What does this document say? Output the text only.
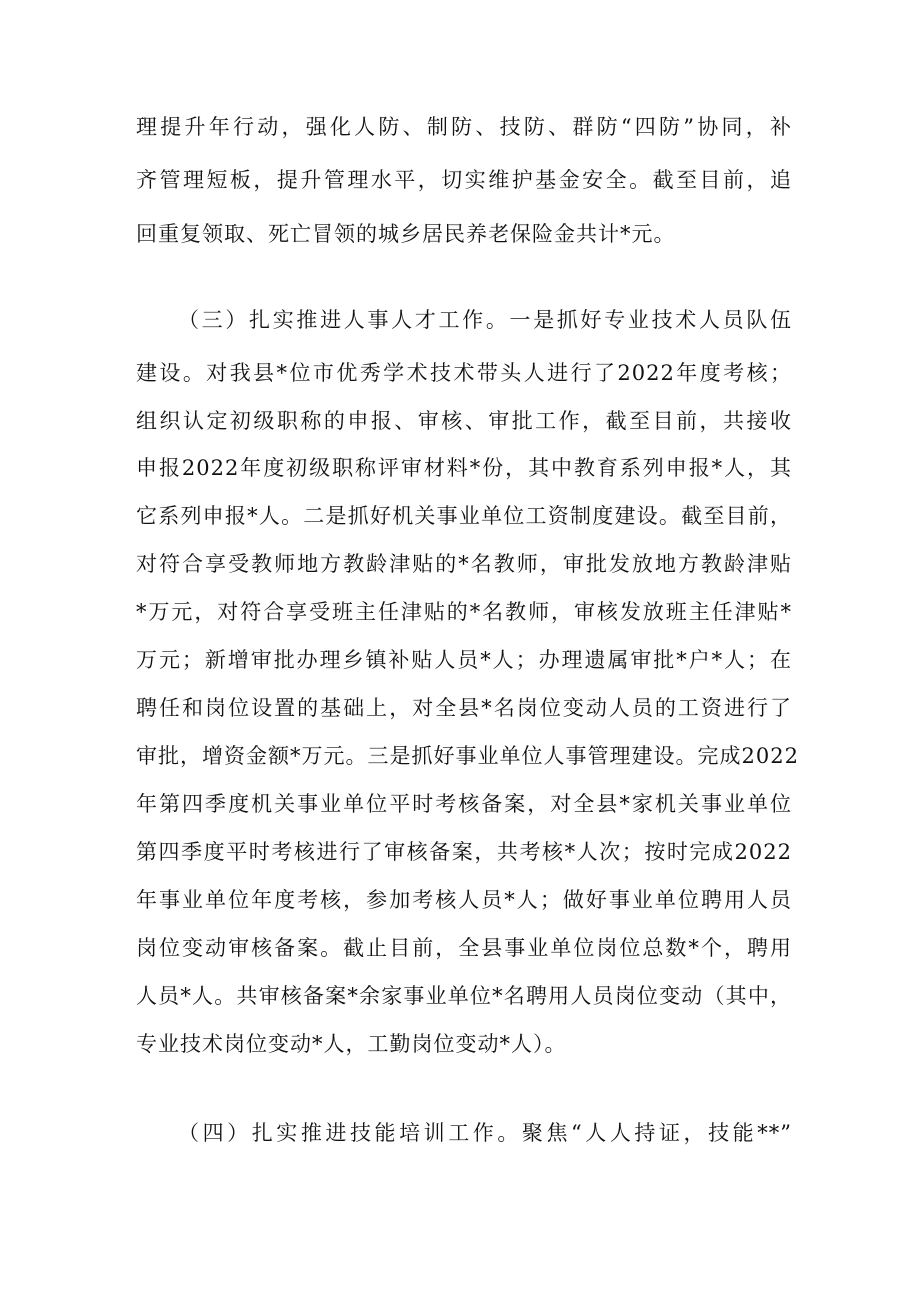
理提升年行动，强化人防、制防、技防、群防“四防”协同，补
齐管理短板，提升管理水平，切实维护基金安全。截至目前，追
回重复领取、死亡冒领的城乡居民养老保险金共计*元。
（三）扎实推进人事人才工作。一是抓好专业技术人员队伍
建设。对我县*位市优秀学术技术带头人进行了2022年度考核；
组织认定初级职称的申报、审核、审批工作，截至目前，共接收
申报2022年度初级职称评审材料*份，其中教育系列申报*人，其
它系列申报*人。二是抓好机关事业单位工资制度建设。截至目前，
对符合享受教师地方教龄津贴的*名教师，审批发放地方教龄津贴
*万元，对符合享受班主任津贴的*名教师，审核发放班主任津贴*
万元；新增审批办理乡镇补贴人员*人；办理遗属审批*户*人；在
聘任和岗位设置的基础上，对全县*名岗位变动人员的工资进行了
审批，增资金额*万元。三是抓好事业单位人事管理建设。完成2022
年第四季度机关事业单位平时考核备案，对全县*家机关事业单位
第四季度平时考核进行了审核备案，共考核*人次；按时完成2022
年事业单位年度考核，参加考核人员*人；做好事业单位聘用人员
岗位变动审核备案。截止目前，全县事业单位岗位总数*个，聘用
人员*人。共审核备案*余家事业单位*名聘用人员岗位变动（其中，
专业技术岗位变动*人，工勤岗位变动*人）。
（四）扎实推进技能培训工作。聚焦“人人持证，技能**”
